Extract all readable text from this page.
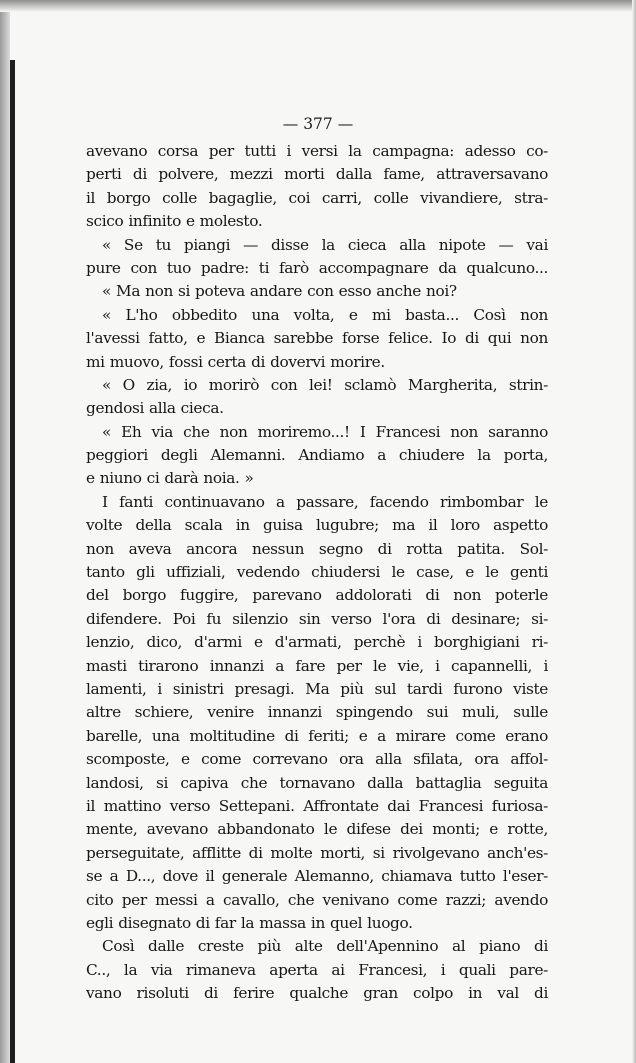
— 377 —
avevano corsa per tutti i versi la campagna: adesso co-
perti di polvere, mezzi morti dalla fame, attraversavano
il borgo colle bagaglie, coi carri, colle vivandiere, stra-
scico infinito e molesto.
« Se tu piangi — disse la cieca alla nipote — vai
pure con tuo padre: ti farò accompagnare da qualcuno...
« Ma non si poteva andare con esso anche noi?
« L'ho obbedito una volta, e mi basta... Così non
l'avessi fatto, e Bianca sarebbe forse felice. Io di qui non
mi muovo, fossi certa di dovervi morire.
« O zia, io morirò con lei! sclamò Margherita, strin-
gendosi alla cieca.
« Eh via che non moriremo...! I Francesi non saranno
peggiori degli Alemanni. Andiamo a chiudere la porta,
e niuno ci darà noia. »
I fanti continuavano a passare, facendo rimbombar le
volte della scala in guisa lugubre; ma il loro aspetto
non aveva ancora nessun segno di rotta patita. Sol-
tanto gli uffiziali, vedendo chiudersi le case, e le genti
del borgo fuggire, parevano addolorati di non poterle
difendere. Poi fu silenzio sin verso l'ora di desinare; si-
lenzio, dico, d'armi e d'armati, perchè i borghigiani ri-
masti tirarono innanzi a fare per le vie, i capannelli, i
lamenti, i sinistri presagi. Ma più sul tardi furono viste
altre schiere, venire innanzi spingendo sui muli, sulle
barelle, una moltitudine di feriti; e a mirare come erano
scomposte, e come correvano ora alla sfilata, ora affol-
landosi, si capiva che tornavano dalla battaglia seguita
il mattino verso Settepani. Affrontate dai Francesi furiosa-
mente, avevano abbandonato le difese dei monti; e rotte,
perseguitate, afflitte di molte morti, si rivolgevano anch'es-
se a D..., dove il generale Alemanno, chiamava tutto l'eser-
cito per messi a cavallo, che venivano come razzi; avendo
egli disegnato di far la massa in quel luogo.
Così dalle creste più alte dell'Apennino al piano di
C.., la via rimaneva aperta ai Francesi, i quali pare-
vano risoluti di ferire qualche gran colpo in val di
